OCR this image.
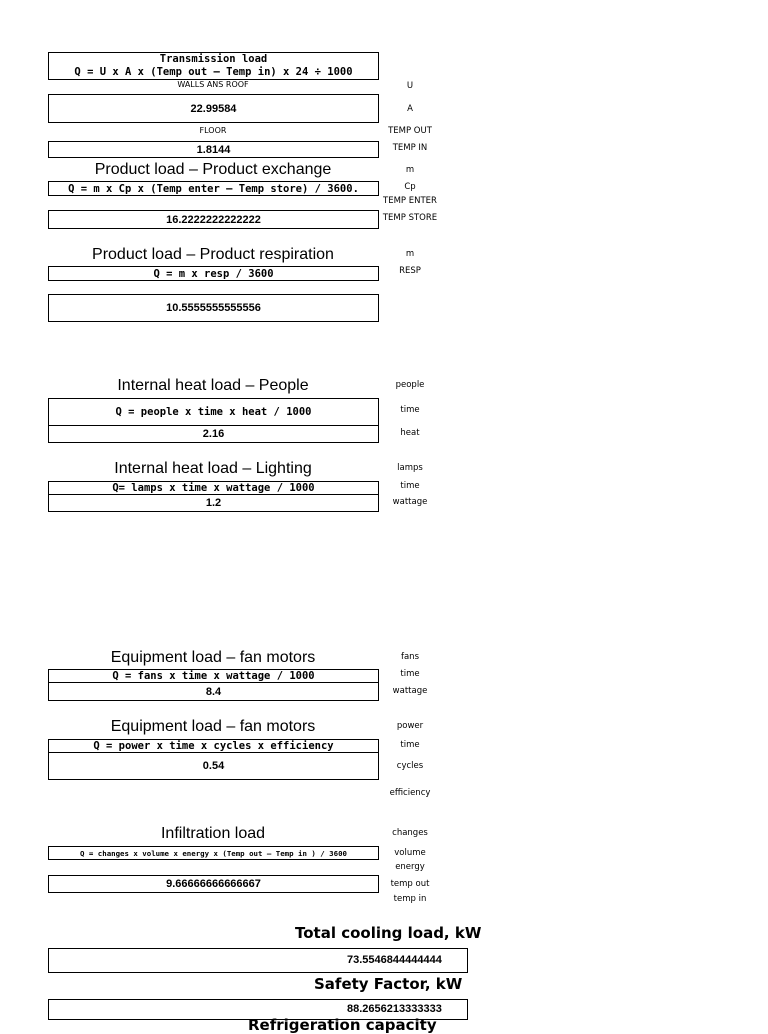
Transmission load
Q = U x A x (Temp out – Temp in) x 24 ÷ 1000
WALLS ANS ROOF
22.99584
FLOOR
1.8144
U
A
TEMP OUT
TEMP IN
Product load – Product exchange
Q = m x Cp x (Temp enter – Temp store) / 3600.
16.2222222222222
m
Cp
TEMP ENTER
TEMP STORE
Product load – Product respiration
Q = m x resp / 3600
10.5555555555556
m
RESP
Internal heat load – People
Q = people x time x heat / 1000
2.16
people
time
heat
Internal heat load – Lighting
Q= lamps x time x wattage / 1000
1.2
lamps
time
wattage
Equipment load – fan motors
Q = fans x time x wattage / 1000
8.4
fans
time
wattage
Equipment load – fan motors
Q = power x time x cycles x efficiency
0.54
power
time
cycles
efficiency
Infiltration load
Q = changes x volume x energy x (Temp out – Temp in ) / 3600
9.66666666666667
changes
volume
energy
temp out
temp in
Total cooling load, kW
73.5546844444444
Safety Factor, kW
88.2656213333333
Refrigeration capacity
